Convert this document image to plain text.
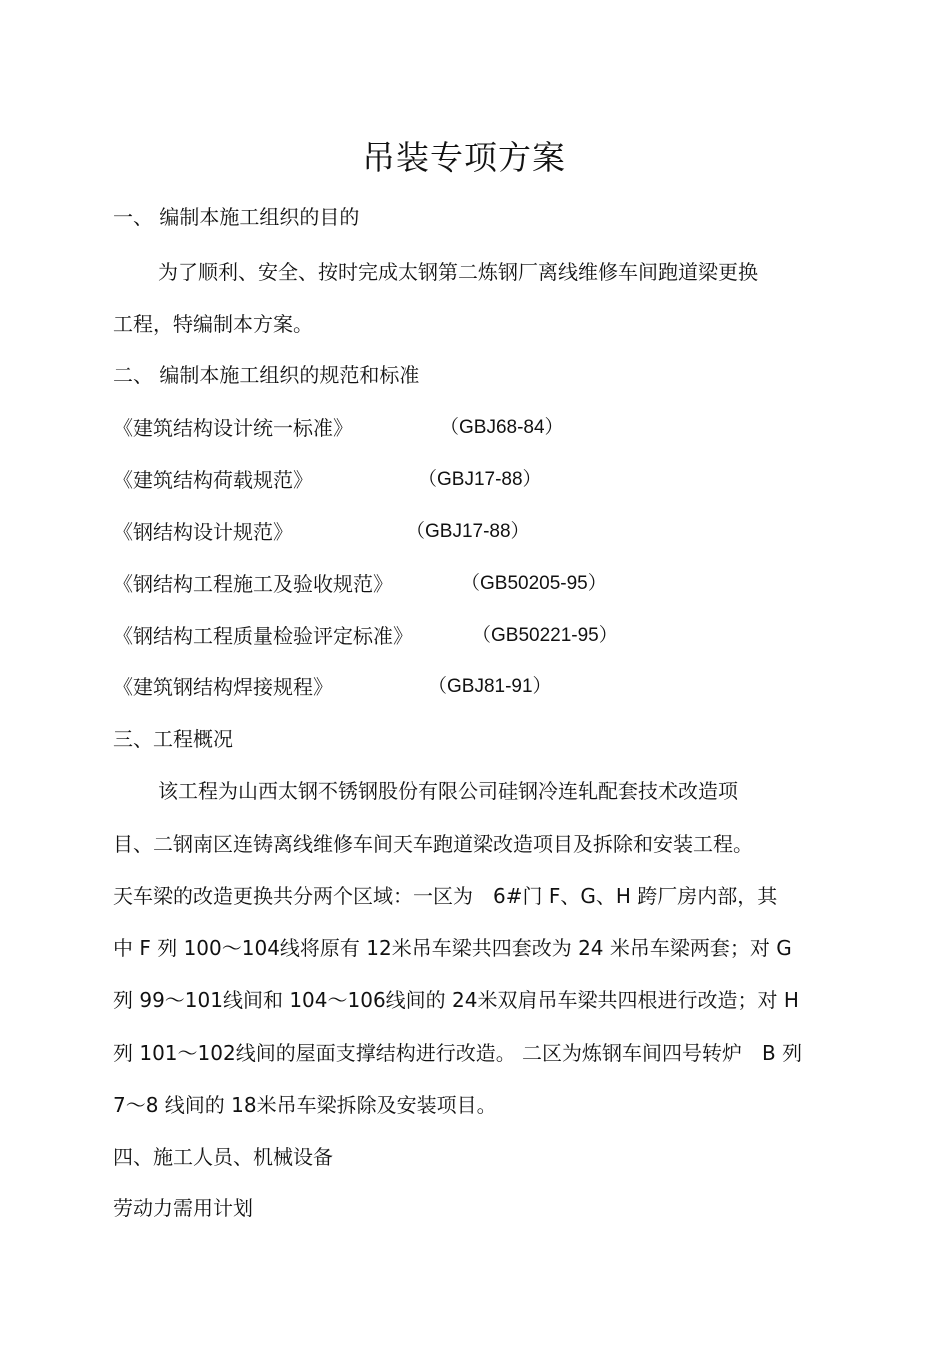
吊装专项方案
一、 编制本施工组织的目的
为了顺利、安全、按时完成太钢第二炼钢厂离线维修车间跑道梁更换
工程，特编制本方案。
二、 编制本施工组织的规范和标准
《建筑结构设计统一标准》	（GBJ68-84）
《建筑结构荷载规范》	（GBJ17-88）
《钢结构设计规范》	（GBJ17-88）
《钢结构工程施工及验收规范》	（GB50205-95）
《钢结构工程质量检验评定标准》	（GB50221-95）
《建筑钢结构焊接规程》	（GBJ81-91）
三、工程概况
该工程为山西太钢不锈钢股份有限公司硅钢冷连轧配套技术改造项
目、二钢南区连铸离线维修车间天车跑道梁改造项目及拆除和安装工程。
天车梁的改造更换共分两个区域：一区为　6#门 F、G、H 跨厂房内部，其
中 F 列 100～104线将原有 12米吊车梁共四套改为 24 米吊车梁两套；对 G
列 99～101线间和 104～106线间的 24米双肩吊车梁共四根进行改造；对 H
列 101～102线间的屋面支撑结构进行改造。 二区为炼钢车间四号转炉　B 列
7～8 线间的 18米吊车梁拆除及安装项目。
四、施工人员、机械设备
劳动力需用计划
